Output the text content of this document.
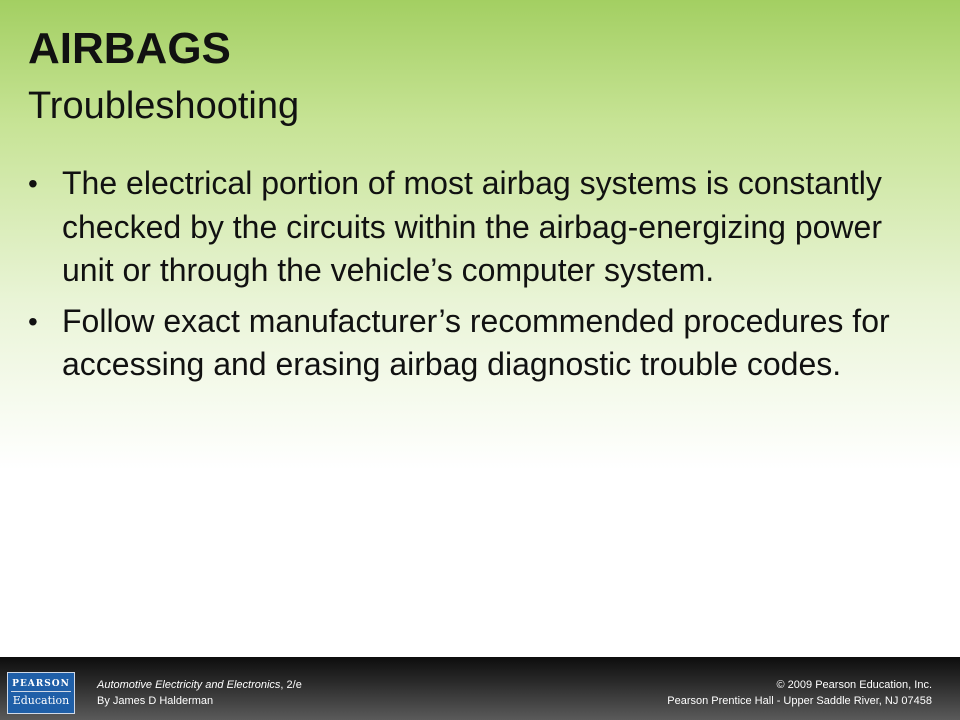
AIRBAGS
Troubleshooting
• The electrical portion of most airbag systems is constantly checked by the circuits within the airbag-energizing power unit or through the vehicle’s computer system.
• Follow exact manufacturer’s recommended procedures for accessing and erasing airbag diagnostic trouble codes.
PEARSON
Education
Automotive Electricity and Electronics, 2/e
By James D Halderman
© 2009 Pearson Education, Inc.
Pearson Prentice Hall - Upper Saddle River, NJ 07458
